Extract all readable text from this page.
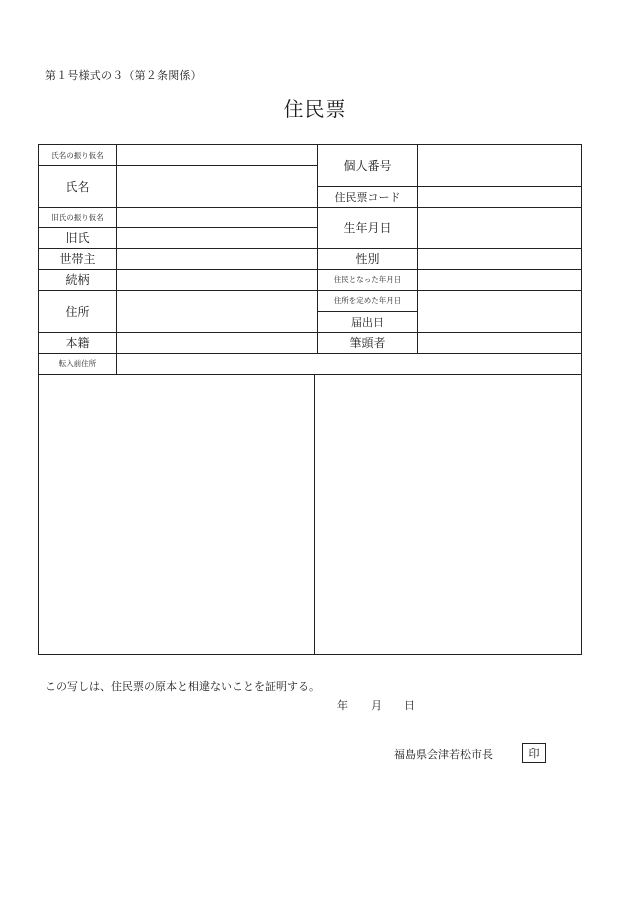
第１号様式の３（第２条関係）
住民票
氏名の振り仮名
氏名
旧氏の振り仮名
旧氏
世帯主
続柄
住所
本籍
転入前住所
個人番号
住民票コード
生年月日
性別
住民となった年月日
住所を定めた年月日
届出日
筆頭者
この写しは、住民票の原本と相違ないことを証明する。
年 月 日
福島県会津若松市長	印
